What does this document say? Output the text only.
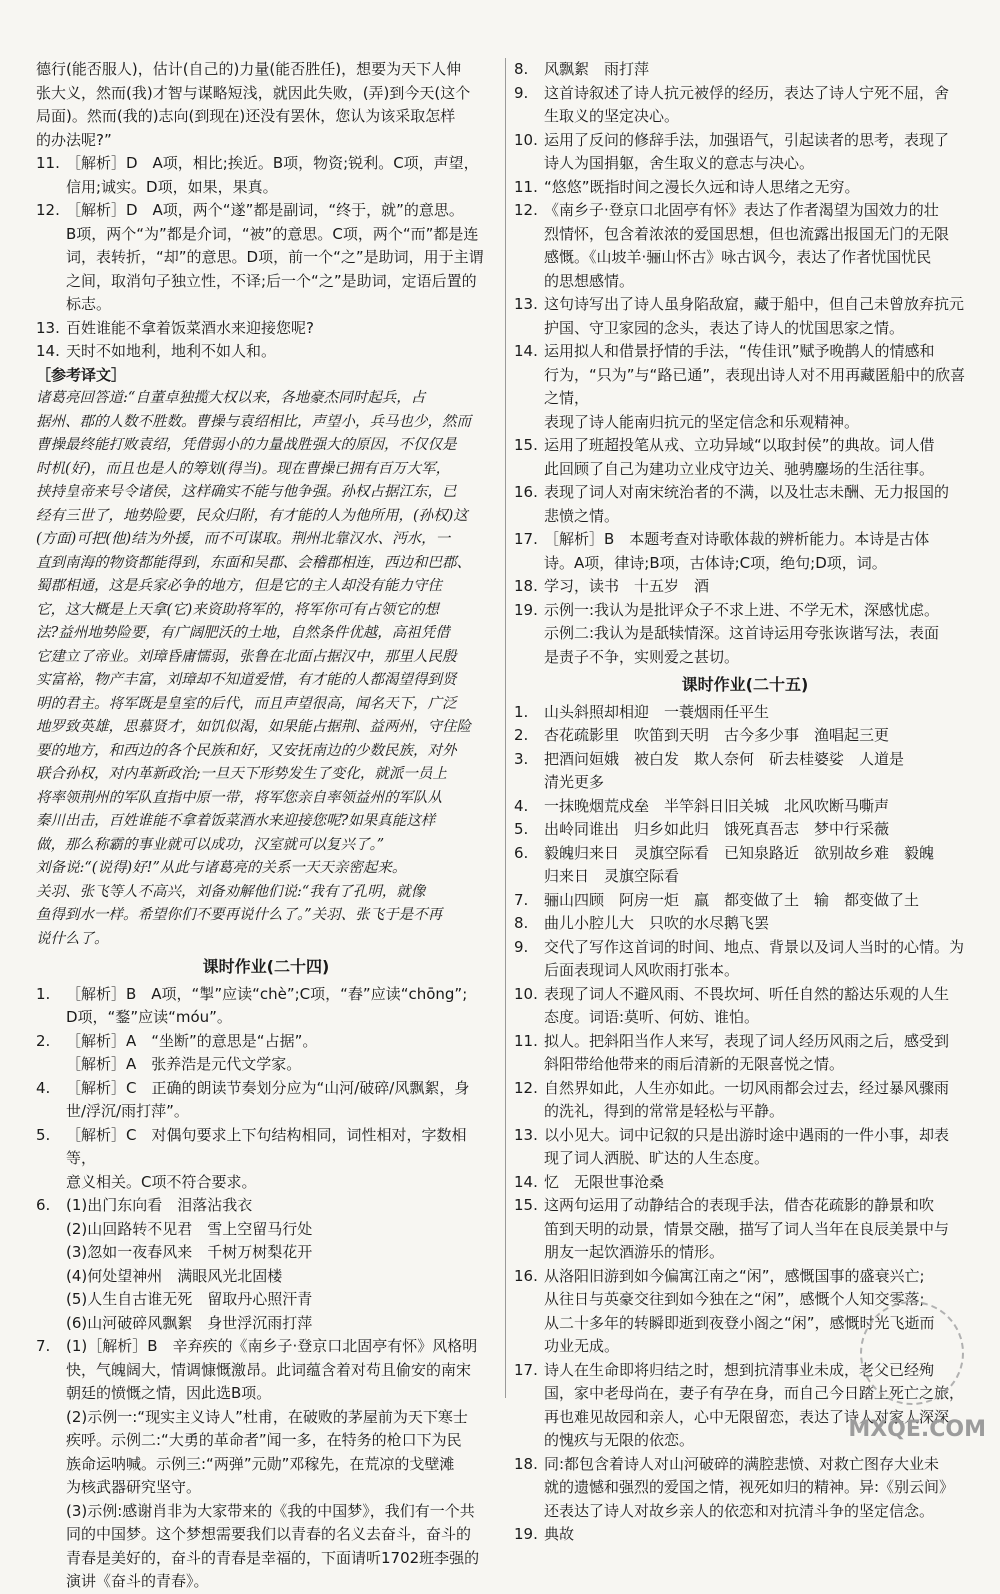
德行(能否服人)，估计(自己的)力量(能否胜任)，想要为天下人伸
张大义，然而(我)才智与谋略短浅，就因此失败，(弄)到今天(这个
局面)。然而(我的)志向(到现在)还没有罢休，您认为该采取怎样
的办法呢?”
11. ［解析］D　A项，相比;挨近。B项，物资;锐利。C项，声望，
信用;诚实。D项，如果，果真。
12. ［解析］D　A项，两个“遂”都是副词，“终于，就”的意思。
B项，两个“为”都是介词，“被”的意思。C项，两个“而”都是连
词，表转折，“却”的意思。D项，前一个“之”是助词，用于主谓
之间，取消句子独立性，不译;后一个“之”是助词，定语后置的
标志。
13. 百姓谁能不拿着饭菜酒水来迎接您呢?
14. 天时不如地利，地利不如人和。
［参考译文］
诸葛亮回答道:“自董卓独揽大权以来，各地豪杰同时起兵，占
据州、郡的人数不胜数。曹操与袁绍相比，声望小，兵马也少，然而
曹操最终能打败袁绍，凭借弱小的力量战胜强大的原因，不仅仅是
时机(好)，而且也是人的筹划(得当)。现在曹操已拥有百万大军，
挟持皇帝来号令诸侯，这样确实不能与他争强。孙权占据江东，已
经有三世了，地势险要，民众归附，有才能的人为他所用，(孙权)这
(方面)可把(他)结为外援，而不可谋取。荆州北靠汉水、沔水，一
直到南海的物资都能得到，东面和吴郡、会稽郡相连，西边和巴郡、
蜀郡相通，这是兵家必争的地方，但是它的主人却没有能力守住
它，这大概是上天拿(它)来资助将军的，将军你可有占领它的想
法?益州地势险要，有广阔肥沃的土地，自然条件优越，高祖凭借
它建立了帝业。刘璋昏庸懦弱，张鲁在北面占据汉中，那里人民殷
实富裕，物产丰富，刘璋却不知道爱惜，有才能的人都渴望得到贤
明的君主。将军既是皇室的后代，而且声望很高，闻名天下，广泛
地罗致英雄，思慕贤才，如饥似渴，如果能占据荆、益两州，守住险
要的地方，和西边的各个民族和好，又安抚南边的少数民族，对外
联合孙权，对内革新政治;一旦天下形势发生了变化，就派一员上
将率领荆州的军队直指中原一带，将军您亲自率领益州的军队从
秦川出击，百姓谁能不拿着饭菜酒水来迎接您呢?如果真能这样
做，那么称霸的事业就可以成功，汉室就可以复兴了。”
刘备说:“(说得)好!”从此与诸葛亮的关系一天天亲密起来。
关羽、张飞等人不高兴，刘备劝解他们说:“我有了孔明，就像
鱼得到水一样。希望你们不要再说什么了。”关羽、张飞于是不再
说什么了。
课时作业(二十四)
1.	［解析］B　A项，“掣”应读“chè”;C项，“舂”应读“chōng”;
D项，“鍪”应读“móu”。
2.	［解析］A　“坐断”的意思是“占据”。
［解析］A　张养浩是元代文学家。
4.	［解析］C　正确的朗读节奏划分应为“山河/破碎/风飘絮，身
世/浮沉/雨打萍”。
5.	［解析］C　对偶句要求上下句结构相同，词性相对，字数相等，
意义相关。C项不符合要求。
6.	(1)出门东向看　泪落沾我衣
(2)山回路转不见君　雪上空留马行处
(3)忽如一夜春风来　千树万树梨花开
(4)何处望神州　满眼风光北固楼
(5)人生自古谁无死　留取丹心照汗青
(6)山河破碎风飘絮　身世浮沉雨打萍
7.	(1)［解析］B　辛弃疾的《南乡子·登京口北固亭有怀》风格明
快，气魄阔大，情调慷慨激昂。此词蕴含着对苟且偷安的南宋
朝廷的愤慨之情，因此选B项。
(2)示例一:“现实主义诗人”杜甫，在破败的茅屋前为天下寒士
疾呼。示例二:“大勇的革命者”闻一多，在特务的枪口下为民
族命运呐喊。示例三:“两弹”元勋”邓稼先，在荒凉的戈壁滩
为核武器研究坚守。
(3)示例:感谢肖非为大家带来的《我的中国梦》，我们有一个共
同的中国梦。这个梦想需要我们以青春的名义去奋斗，奋斗的
青春是美好的，奋斗的青春是幸福的，下面请听1702班李强的
演讲《奋斗的青春》。
8.	风飘絮　雨打萍
9.	这首诗叙述了诗人抗元被俘的经历，表达了诗人宁死不屈，舍
生取义的坚定决心。
10. 运用了反问的修辞手法，加强语气，引起读者的思考，表现了
诗人为国捐躯，舍生取义的意志与决心。
11. “悠悠”既指时间之漫长久远和诗人思绪之无穷。
12. 《南乡子·登京口北固亭有怀》表达了作者渴望为国效力的壮
烈情怀，包含着浓浓的爱国思想，但也流露出报国无门的无限
感慨。《山坡羊·骊山怀古》咏古讽今，表达了作者忧国忧民
的思想感情。
13. 这句诗写出了诗人虽身陷敌窟，藏于船中，但自己未曾放弃抗元
护国、守卫家园的念头，表达了诗人的忧国思家之情。
14. 运用拟人和借景抒情的手法，“传佳讯”赋予晚鹊人的情感和
行为，“只为”与“路已通”，表现出诗人对不用再藏匿船中的欣喜之情，
表现了诗人能南归抗元的坚定信念和乐观精神。
15. 运用了班超投笔从戎、立功异域“以取封侯”的典故。词人借
此回顾了自己为建功立业戍守边关、驰骋鏖场的生活往事。
16. 表现了词人对南宋统治者的不满，以及壮志未酬、无力报国的
悲愤之情。
17. ［解析］B　本题考查对诗歌体裁的辨析能力。本诗是古体
诗。A项，律诗;B项，古体诗;C项，绝句;D项，词。
18. 学习，读书　十五岁　酒
19. 示例一:我认为是批评众子不求上进、不学无术，深感忧虑。
示例二:我认为是舐犊情深。这首诗运用夸张诙谐写法，表面
是责子不争，实则爱之甚切。
课时作业(二十五)
1.	山头斜照却相迎　一蓑烟雨任平生
2.	杏花疏影里　吹笛到天明　古今多少事　渔唱起三更
3.	把酒问姮娥　被白发　欺人奈何　斫去桂婆娑　人道是
清光更多
4.	一抹晚烟荒戍垒　半竿斜日旧关城　北风吹断马嘶声
5.	出岭同谁出　归乡如此归　饿死真吾志　梦中行采薇
6.	毅魄归来日　灵旗空际看　已知泉路近　欲别故乡难　毅魄
归来日　灵旗空际看
7.	骊山四顾　阿房一炬　羸　都变做了土　输　都变做了土
8.	曲儿小腔儿大　只吹的水尽鹅飞罢
9.	交代了写作这首词的时间、地点、背景以及词人当时的心情。为
后面表现词人风吹雨打张本。
10. 表现了词人不避风雨、不畏坎坷、听任自然的豁达乐观的人生
态度。词语:莫听、何妨、谁怕。
11. 拟人。把斜阳当作人来写，表现了词人经历风雨之后，感受到
斜阳带给他带来的雨后清新的无限喜悦之情。
12. 自然界如此，人生亦如此。一切风雨都会过去，经过暴风骤雨
的洗礼，得到的常常是轻松与平静。
13. 以小见大。词中记叙的只是出游时途中遇雨的一件小事，却表
现了词人洒脱、旷达的人生态度。
14. 忆　无限世事沧桑
15. 这两句运用了动静结合的表现手法，借杏花疏影的静景和吹
笛到天明的动景，情景交融，描写了词人当年在良辰美景中与
朋友一起饮酒游乐的情形。
16. 从洛阳旧游到如今偏寓江南之“闲”，感慨国事的盛衰兴亡;
从往日与英豪交往到如今独在之“闲”，感慨个人知交零落;
从二十多年的转瞬即逝到夜登小阁之“闲”，感慨时光飞逝而
功业无成。
17. 诗人在生命即将归结之时，想到抗清事业未成，老父已经殉
国，家中老母尚在，妻子有孕在身，而自己今日踏上死亡之旅，
再也难见故园和亲人，心中无限留恋，表达了诗人对家人深深
的愧疚与无限的依恋。
18. 同:都包含着诗人对山河破碎的满腔悲愤、对救亡图存大业未
就的遗憾和强烈的爱国之情，视死如归的精神。异:《别云间》
还表达了诗人对故乡亲人的依恋和对抗清斗争的坚定信念。
19. 典故
MXQE.COM
